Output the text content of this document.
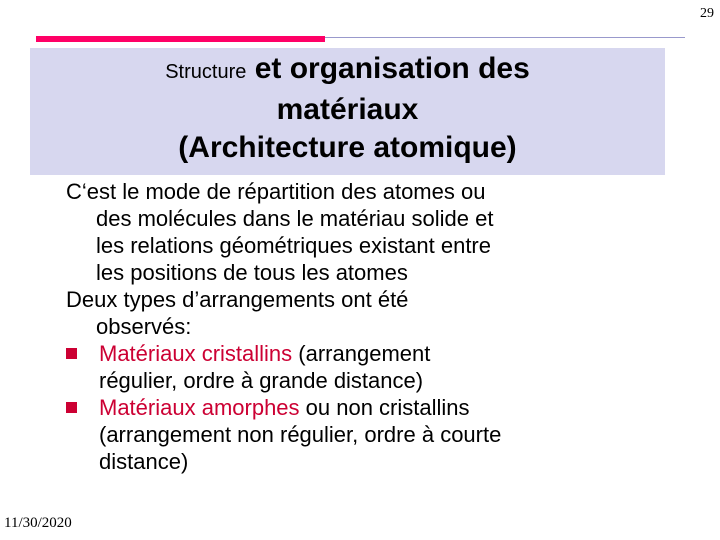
29
Structure et organisation des
matériaux
(Architecture atomique)

C‘est le mode de répartition des atomes ou
des molécules dans le matériau solide et
les relations géométriques existant entre
les positions de tous les atomes

Deux types d’arrangements ont été
observés:

Matériaux cristallins (arrangement
régulier, ordre à grande distance)

Matériaux amorphes ou non cristallins
(arrangement non régulier, ordre à courte
distance)

11/30/2020
